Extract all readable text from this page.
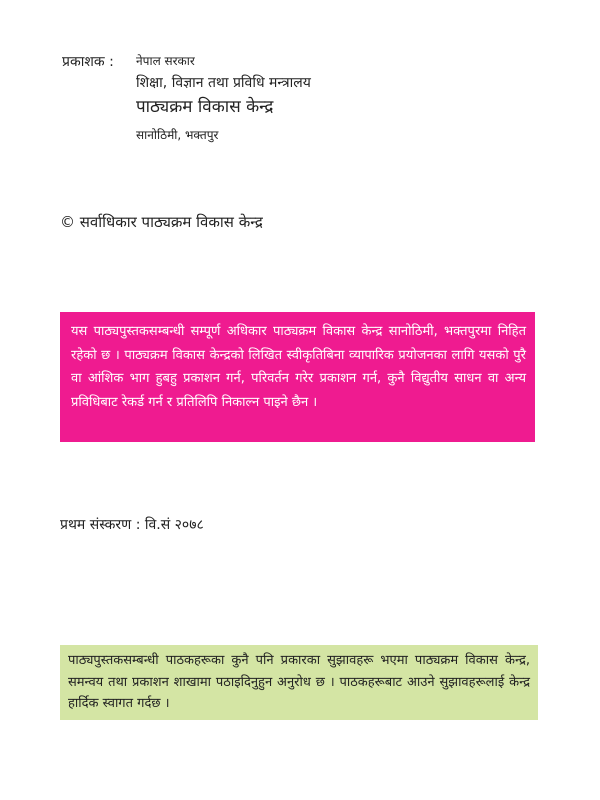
प्रकाशक : नेपाल सरकार
शिक्षा, विज्ञान तथा प्रविधि मन्त्रालय
पाठ्यक्रम विकास केन्द्र
सानोठिमी, भक्तपुर
© सर्वाधिकार पाठ्यक्रम विकास केन्द्र
यस पाठ्यपुस्तकसम्बन्धी सम्पूर्ण अधिकार पाठ्यक्रम विकास केन्द्र सानोठिमी, भक्तपुरमा निहित रहेको छ । पाठ्यक्रम विकास केन्द्रको लिखित स्वीकृतिबिना व्यापारिक प्रयोजनका लागि यसको पुरै वा आंशिक भाग हुबहु प्रकाशन गर्न, परिवर्तन गरेर प्रकाशन गर्न, कुनै विद्युतीय साधन वा अन्य प्रविधिबाट रेकर्ड गर्न र प्रतिलिपि निकाल्न पाइने छैन ।
प्रथम संस्करण : वि.सं २०७८
पाठ्यपुस्तकसम्बन्धी पाठकहरूका कुनै पनि प्रकारका सुझावहरू भएमा पाठ्यक्रम विकास केन्द्र, समन्वय तथा प्रकाशन शाखामा पठाइदिनुहुन अनुरोध छ । पाठकहरूबाट आउने सुझावहरूलाई केन्द्र हार्दिक स्वागत गर्दछ ।
